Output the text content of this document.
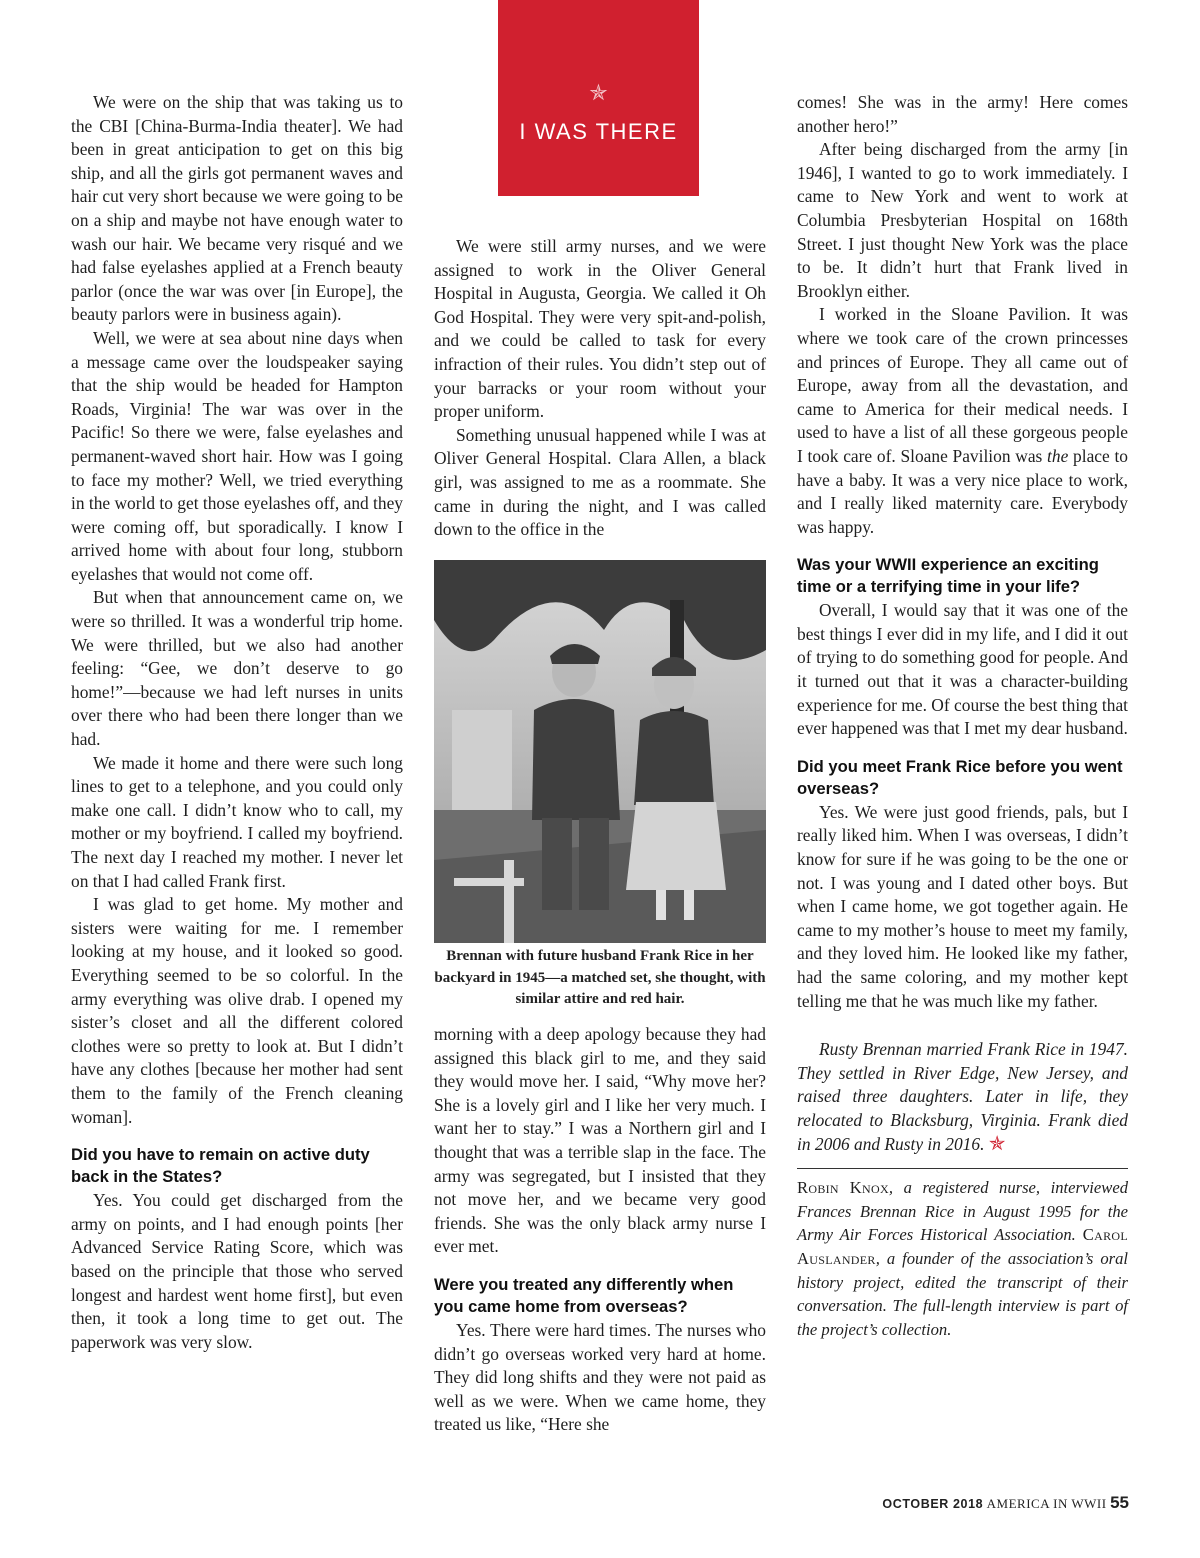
✯
I WAS THERE

We were on the ship that was taking us to the CBI [China-Burma-India theater]. We had been in great anticipation to get on this big ship, and all the girls got permanent waves and hair cut very short because we were going to be on a ship and maybe not have enough water to wash our hair. We became very risqué and we had false eyelashes applied at a French beauty parlor (once the war was over [in Europe], the beauty parlors were in business again).

Well, we were at sea about nine days when a message came over the loudspeaker saying that the ship would be headed for Hampton Roads, Virginia! The war was over in the Pacific! So there we were, false eyelashes and permanent-waved short hair. How was I going to face my mother? Well, we tried everything in the world to get those eyelashes off, and they were coming off, but sporadically. I know I arrived home with about four long, stubborn eyelashes that would not come off.

But when that announcement came on, we were so thrilled. It was a wonderful trip home. We were thrilled, but we also had another feeling: “Gee, we don’t deserve to go home!”—because we had left nurses in units over there who had been there longer than we had.

We made it home and there were such long lines to get to a telephone, and you could only make one call. I didn’t know who to call, my mother or my boyfriend. I called my boyfriend. The next day I reached my mother. I never let on that I had called Frank first.

I was glad to get home. My mother and sisters were waiting for me. I remember looking at my house, and it looked so good. Everything seemed to be so colorful. In the army everything was olive drab. I opened my sister’s closet and all the different colored clothes were so pretty to look at. But I didn’t have any clothes [because her mother had sent them to the family of the French cleaning woman].

Did you have to remain on active duty back in the States?

Yes. You could get discharged from the army on points, and I had enough points [her Advanced Service Rating Score, which was based on the principle that those who served longest and hardest went home first], but even then, it took a long time to get out. The paperwork was very slow.

We were still army nurses, and we were assigned to work in the Oliver General Hospital in Augusta, Georgia. We called it Oh God Hospital. They were very spit-and-polish, and we could be called to task for every infraction of their rules. You didn’t step out of your barracks or your room without your proper uniform.

Something unusual happened while I was at Oliver General Hospital. Clara Allen, a black girl, was assigned to me as a roommate. She came in during the night, and I was called down to the office in the

Brennan with future husband Frank Rice in her backyard in 1945—a matched set, she thought, with similar attire and red hair.

morning with a deep apology because they had assigned this black girl to me, and they said they would move her. I said, “Why move her? She is a lovely girl and I like her very much. I want her to stay.” I was a Northern girl and I thought that was a terrible slap in the face. The army was segregated, but I insisted that they not move her, and we became very good friends. She was the only black army nurse I ever met.

Were you treated any differently when you came home from overseas?

Yes. There were hard times. The nurses who didn’t go overseas worked very hard at home. They did long shifts and they were not paid as well as we were. When we came home, they treated us like, “Here she

comes! She was in the army! Here comes another hero!”

After being discharged from the army [in 1946], I wanted to go to work immediately. I came to New York and went to work at Columbia Presbyterian Hospital on 168th Street. I just thought New York was the place to be. It didn’t hurt that Frank lived in Brooklyn either.

I worked in the Sloane Pavilion. It was where we took care of the crown princesses and princes of Europe. They all came out of Europe, away from all the devastation, and came to America for their medical needs. I used to have a list of all these gorgeous people I took care of. Sloane Pavilion was the place to have a baby. It was a very nice place to work, and I really liked maternity care. Everybody was happy.

Was your WWII experience an exciting time or a terrifying time in your life?

Overall, I would say that it was one of the best things I ever did in my life, and I did it out of trying to do something good for people. And it turned out that it was a character-building experience for me. Of course the best thing that ever happened was that I met my dear husband.

Did you meet Frank Rice before you went overseas?

Yes. We were just good friends, pals, but I really liked him. When I was overseas, I didn’t know for sure if he was going to be the one or not. I was young and I dated other boys. But when I came home, we got together again. He came to my mother’s house to meet my family, and they loved him. He looked like my father, had the same coloring, and my mother kept telling me that he was much like my father.

Rusty Brennan married Frank Rice in 1947. They settled in River Edge, New Jersey, and raised three daughters. Later in life, they relocated to Blacksburg, Virginia. Frank died in 2006 and Rusty in 2016. ✯

Robin Knox, a registered nurse, interviewed Frances Brennan Rice in August 1995 for the Army Air Forces Historical Association. Carol Auslander, a founder of the association’s oral history project, edited the transcript of their conversation. The full-length interview is part of the project’s collection.

OCTOBER 2018 AMERICA IN WWII 55
